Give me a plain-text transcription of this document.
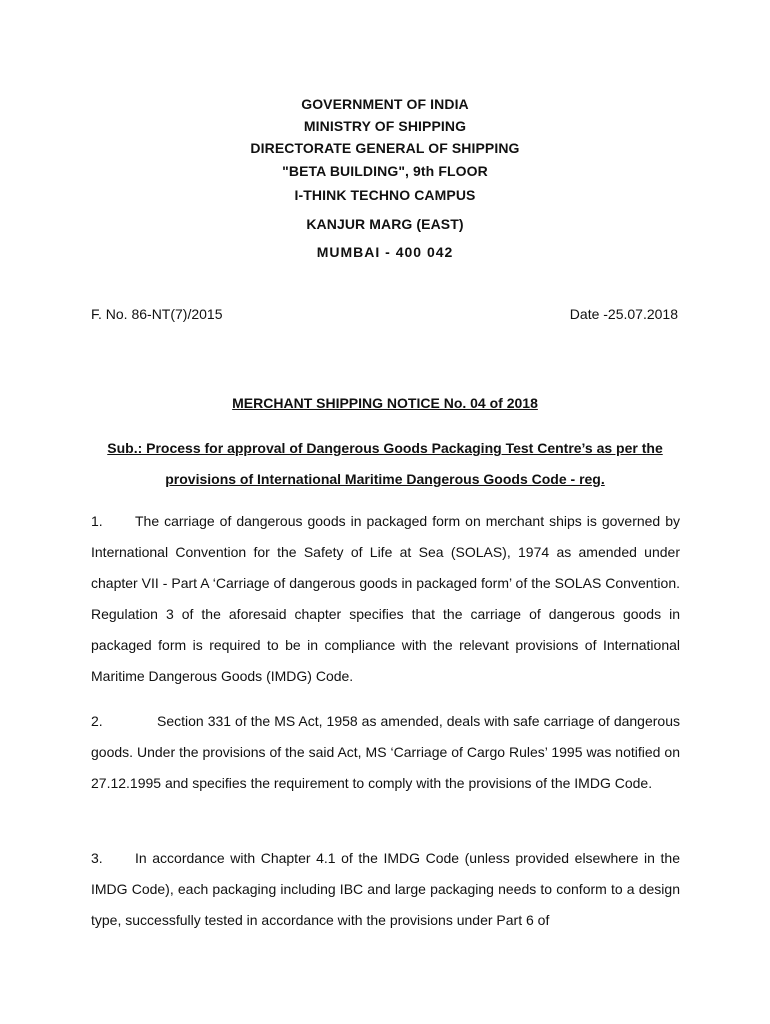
GOVERNMENT OF INDIA
MINISTRY OF SHIPPING
DIRECTORATE GENERAL OF SHIPPING
"BETA BUILDING", 9th FLOOR
I-THINK TECHNO CAMPUS
KANJUR MARG (EAST)
MUMBAI - 400 042
F. No. 86-NT(7)/2015	Date -25.07.2018
MERCHANT SHIPPING NOTICE No. 04 of 2018
Sub.: Process for approval of Dangerous Goods Packaging Test Centre’s as per the
provisions of International Maritime Dangerous Goods Code - reg.
1. The carriage of dangerous goods in packaged form on merchant ships is governed by International Convention for the Safety of Life at Sea (SOLAS), 1974 as amended under chapter VII - Part A ‘Carriage of dangerous goods in packaged form’ of the SOLAS Convention. Regulation 3 of the aforesaid chapter specifies that the carriage of dangerous goods in packaged form is required to be in compliance with the relevant provisions of International Maritime Dangerous Goods (IMDG) Code.
2.	Section 331 of the MS Act, 1958 as amended, deals with safe carriage of dangerous goods. Under the provisions of the said Act, MS ‘Carriage of Cargo Rules’ 1995 was notified on 27.12.1995 and specifies the requirement to comply with the provisions of the IMDG Code.
3. In accordance with Chapter 4.1 of the IMDG Code (unless provided elsewhere in the IMDG Code), each packaging including IBC and large packaging needs to conform to a design type, successfully tested in accordance with the provisions under Part 6 of
